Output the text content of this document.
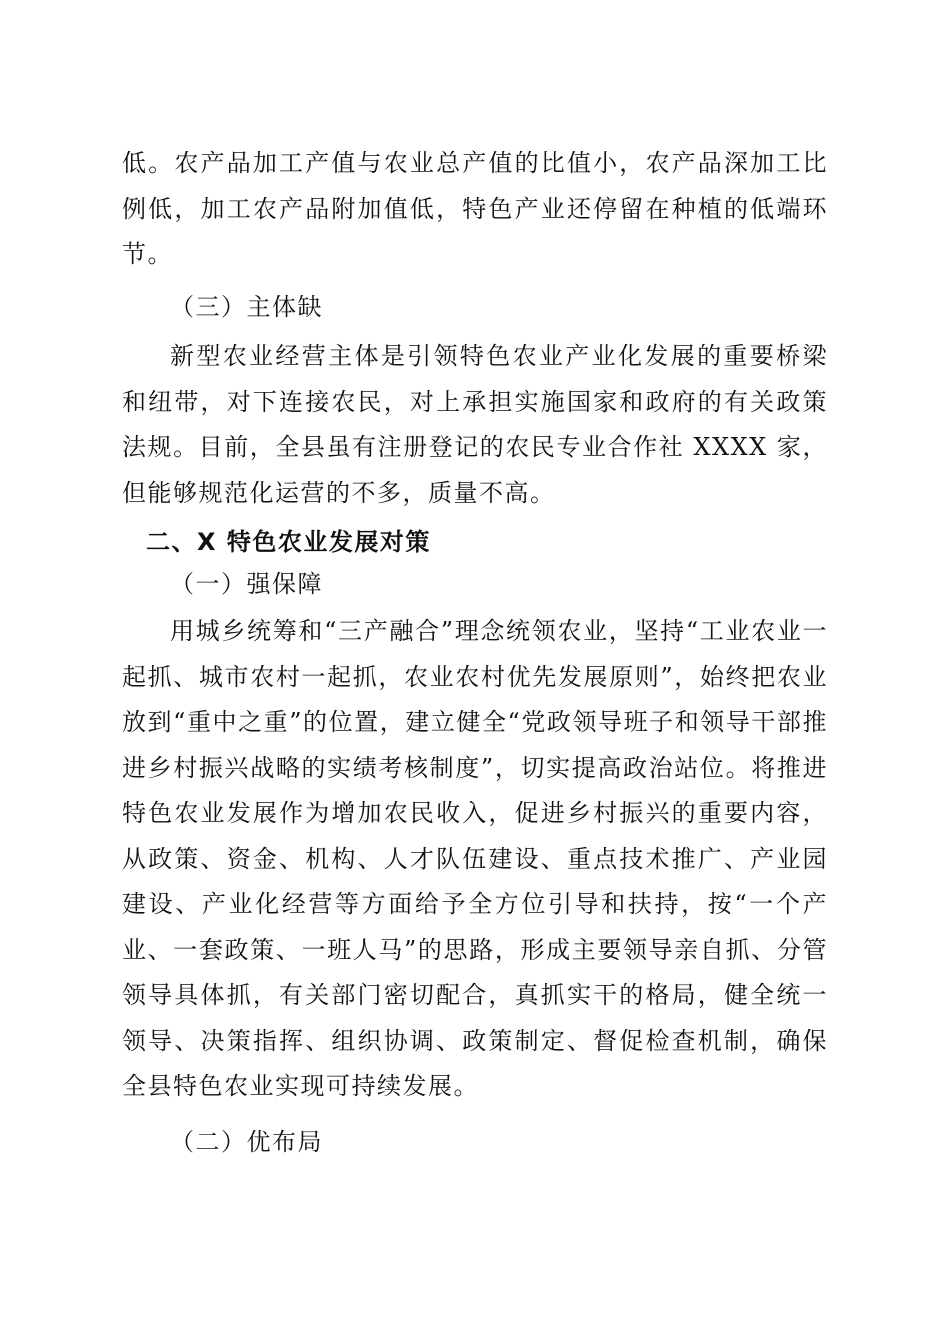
低。农产品加工产值与农业总产值的比值小，农产品深加工比例低，加工农产品附加值低，特色产业还停留在种植的低端环节。

（三）主体缺

新型农业经营主体是引领特色农业产业化发展的重要桥梁和纽带，对下连接农民，对上承担实施国家和政府的有关政策法规。目前，全县虽有注册登记的农民专业合作社 XXXX 家，但能够规范化运营的不多，质量不高。

二、X 特色农业发展对策

（一）强保障

用城乡统筹和“三产融合”理念统领农业，坚持“工业农业一起抓、城市农村一起抓，农业农村优先发展原则”，始终把农业放到“重中之重”的位置，建立健全“党政领导班子和领导干部推进乡村振兴战略的实绩考核制度”，切实提高政治站位。将推进特色农业发展作为增加农民收入，促进乡村振兴的重要内容，从政策、资金、机构、人才队伍建设、重点技术推广、产业园建设、产业化经营等方面给予全方位引导和扶持，按“一个产业、一套政策、一班人马”的思路，形成主要领导亲自抓、分管领导具体抓，有关部门密切配合，真抓实干的格局，健全统一领导、决策指挥、组织协调、政策制定、督促检查机制，确保全县特色农业实现可持续发展。

（二）优布局
